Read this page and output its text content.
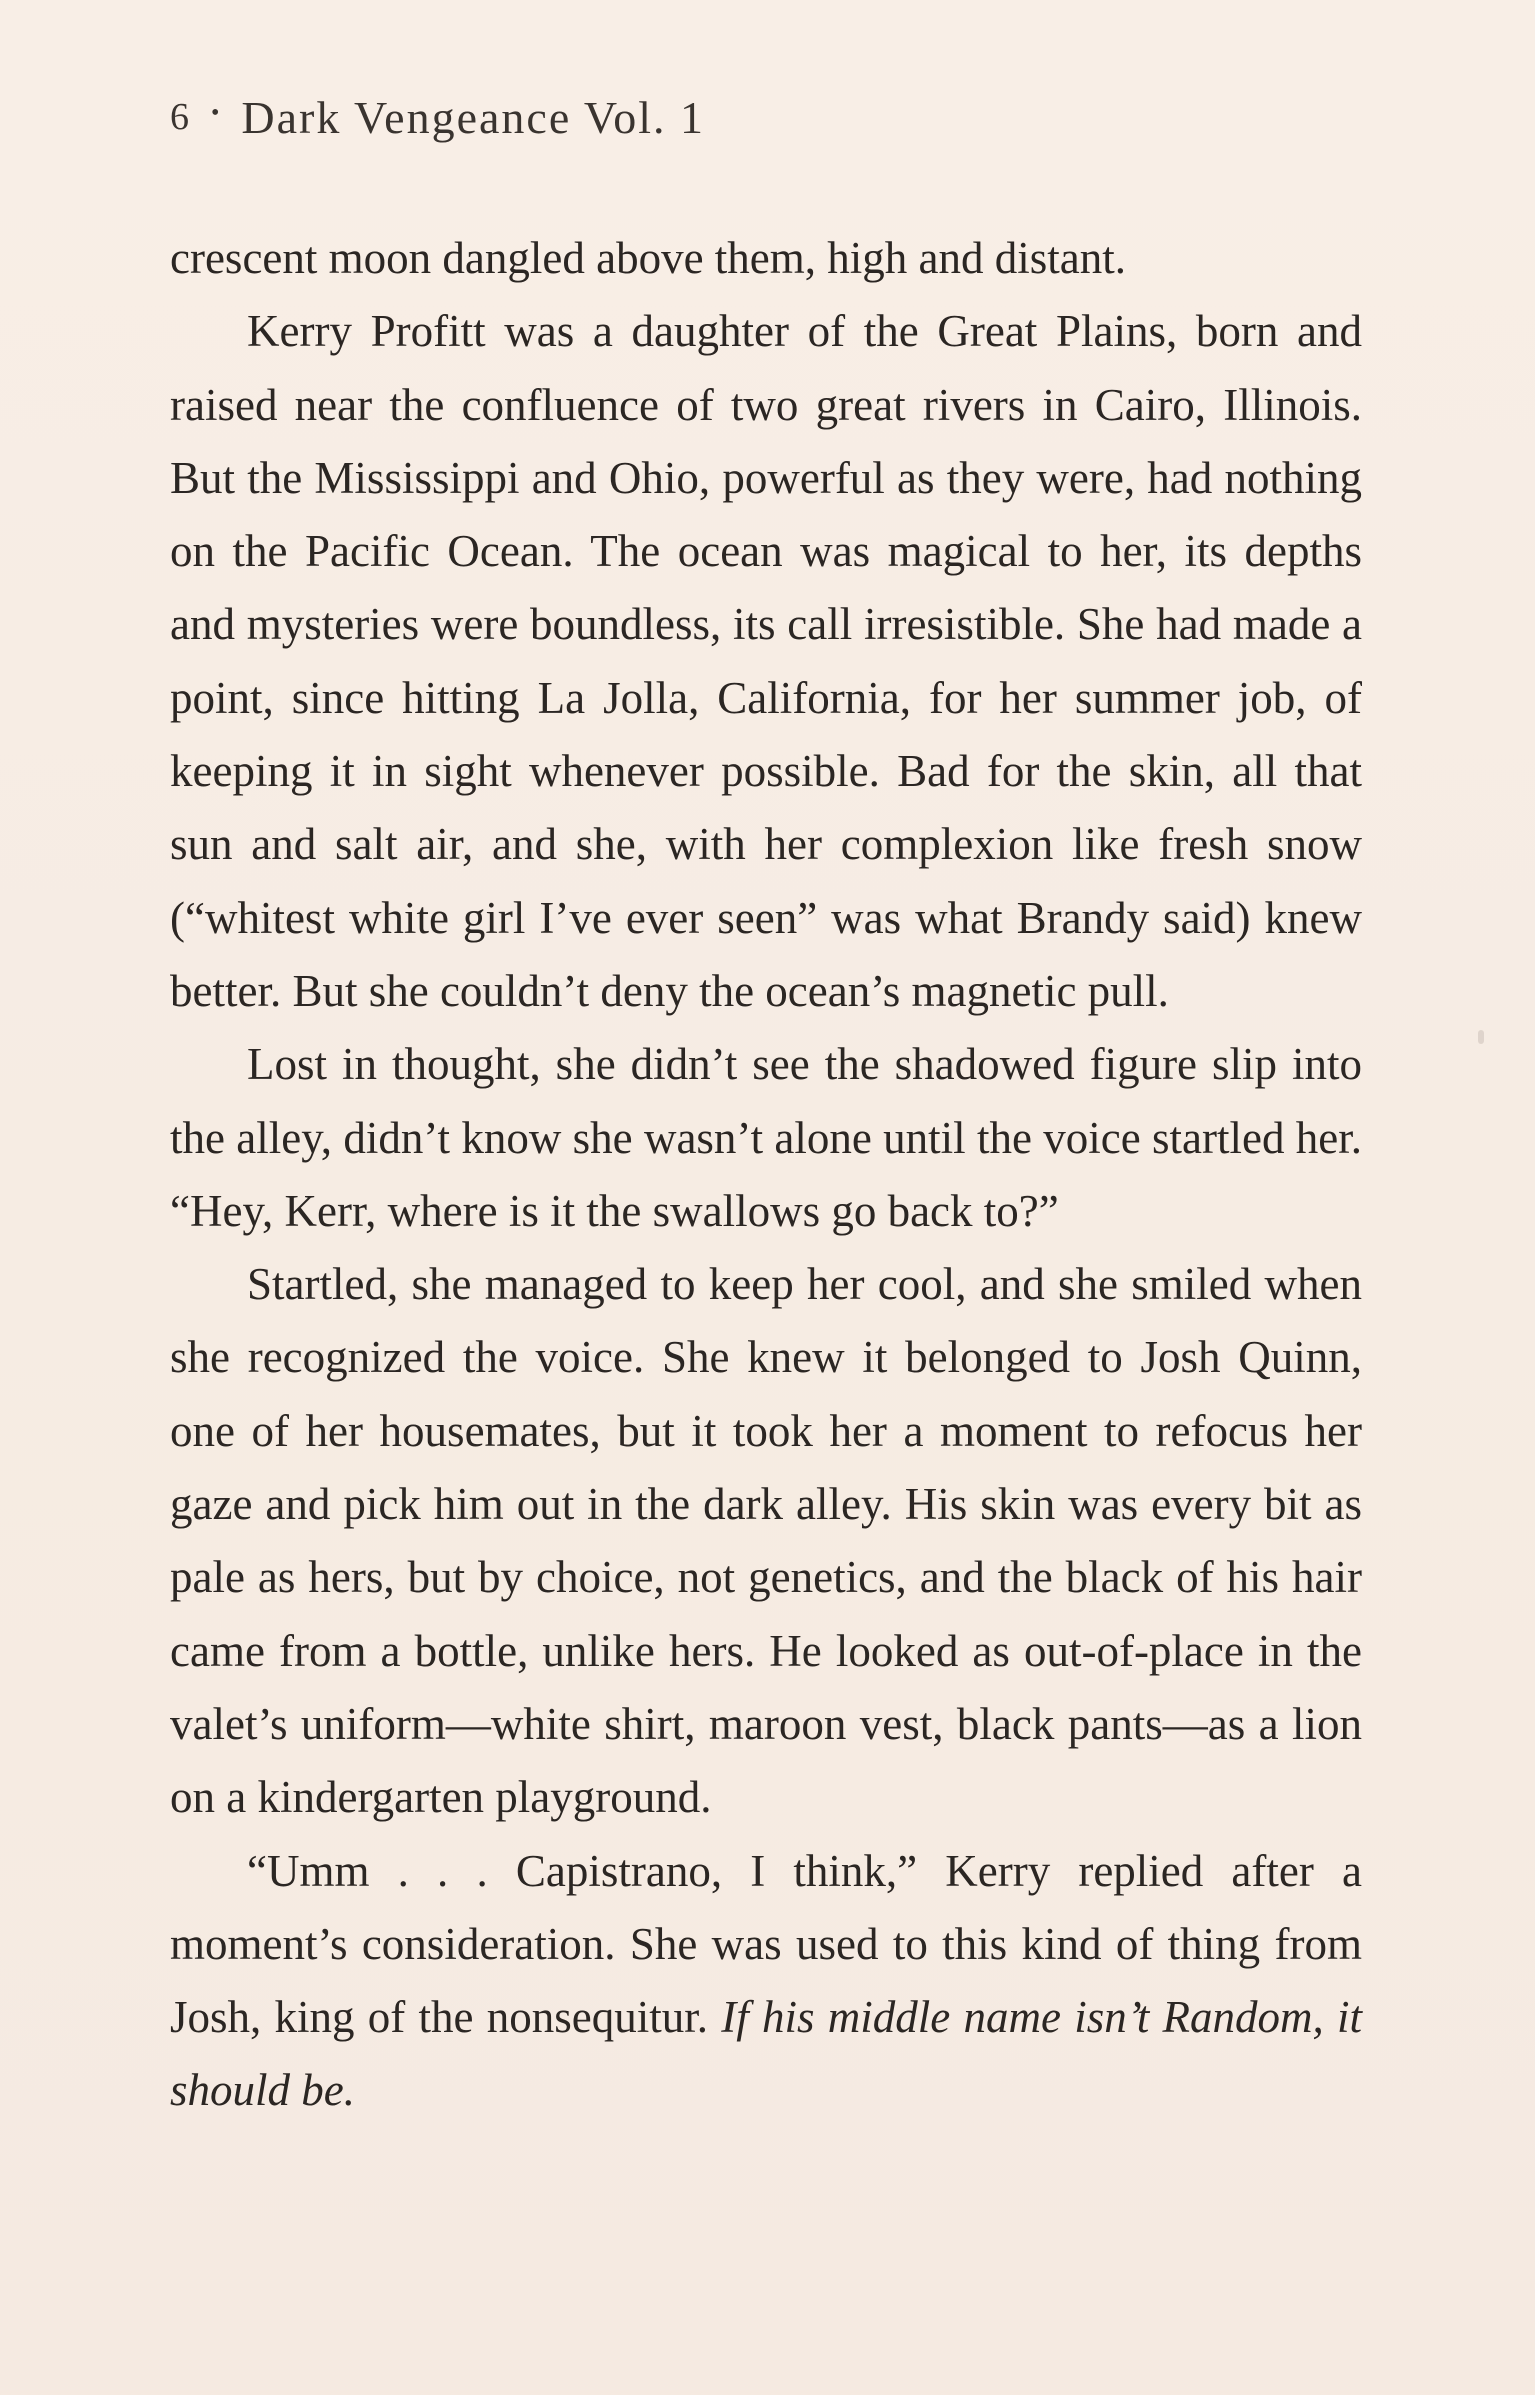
6 • Dark Vengeance Vol. 1

crescent moon dangled above them, high and distant.

Kerry Profitt was a daughter of the Great Plains, born and raised near the confluence of two great rivers in Cairo, Illinois. But the Mississippi and Ohio, powerful as they were, had nothing on the Pacific Ocean. The ocean was magical to her, its depths and mysteries were boundless, its call irresistible. She had made a point, since hitting La Jolla, California, for her summer job, of keeping it in sight whenever possible. Bad for the skin, all that sun and salt air, and she, with her complexion like fresh snow (“whitest white girl I’ve ever seen” was what Brandy said) knew better. But she couldn’t deny the ocean’s magnetic pull.

Lost in thought, she didn’t see the shadowed figure slip into the alley, didn’t know she wasn’t alone until the voice startled her. “Hey, Kerr, where is it the swallows go back to?”

Startled, she managed to keep her cool, and she smiled when she recognized the voice. She knew it belonged to Josh Quinn, one of her housemates, but it took her a moment to refocus her gaze and pick him out in the dark alley. His skin was every bit as pale as hers, but by choice, not genetics, and the black of his hair came from a bottle, unlike hers. He looked as out-of-place in the valet’s uniform—white shirt, maroon vest, black pants—as a lion on a kindergarten playground.

“Umm . . . Capistrano, I think,” Kerry replied after a moment’s consideration. She was used to this kind of thing from Josh, king of the nonsequitur. If his middle name isn’t Random, it should be.
